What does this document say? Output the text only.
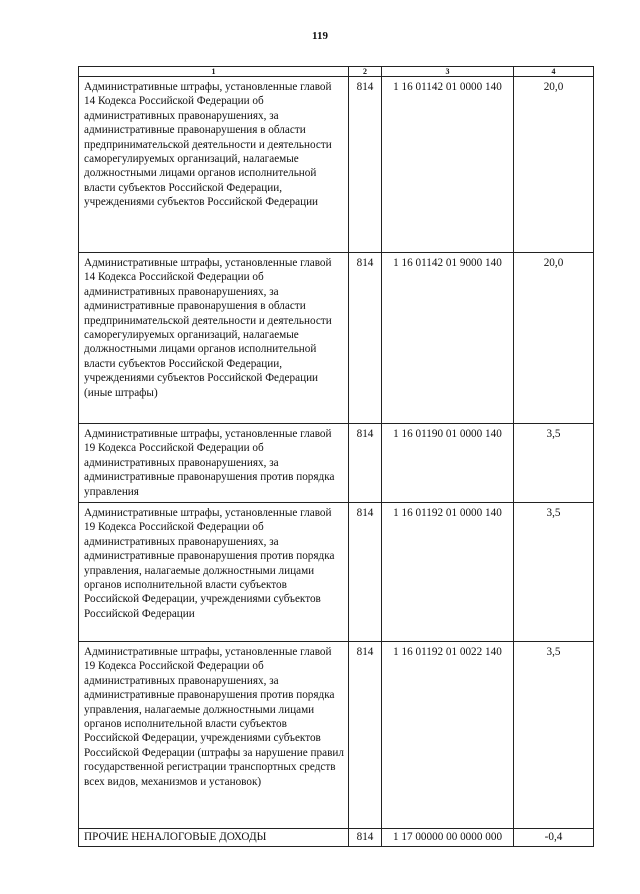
119
1	2	3	4
Административные штрафы, установленные главой 14 Кодекса Российской Федерации об административных правонарушениях, за административные правонарушения в области предпринимательской деятельности и деятельности саморегулируемых организаций, налагаемые должностными лицами органов исполнительной власти субъектов Российской Федерации, учреждениями субъектов Российской Федерации	814	1 16 01142 01 0000 140	20,0
Административные штрафы, установленные главой 14 Кодекса Российской Федерации об административных правонарушениях, за административные правонарушения в области предпринимательской деятельности и деятельности саморегулируемых организаций, налагаемые должностными лицами органов исполнительной власти субъектов Российской Федерации, учреждениями субъектов Российской Федерации (иные штрафы)	814	1 16 01142 01 9000 140	20,0
Административные штрафы, установленные главой 19 Кодекса Российской Федерации об административных правонарушениях, за административные правонарушения против порядка управления	814	1 16 01190 01 0000 140	3,5
Административные штрафы, установленные главой 19 Кодекса Российской Федерации об административных правонарушениях, за административные правонарушения против порядка управления, налагаемые должностными лицами органов исполнительной власти субъектов Российской Федерации, учреждениями субъектов Российской Федерации	814	1 16 01192 01 0000 140	3,5
Административные штрафы, установленные главой 19 Кодекса Российской Федерации об административных правонарушениях, за административные правонарушения против порядка управления, налагаемые должностными лицами органов исполнительной власти субъектов Российской Федерации, учреждениями субъектов Российской Федерации (штрафы за нарушение правил государственной регистрации транспортных средств всех видов, механизмов и установок)	814	1 16 01192 01 0022 140	3,5
ПРОЧИЕ НЕНАЛОГОВЫЕ ДОХОДЫ	814	1 17 00000 00 0000 000	-0,4
